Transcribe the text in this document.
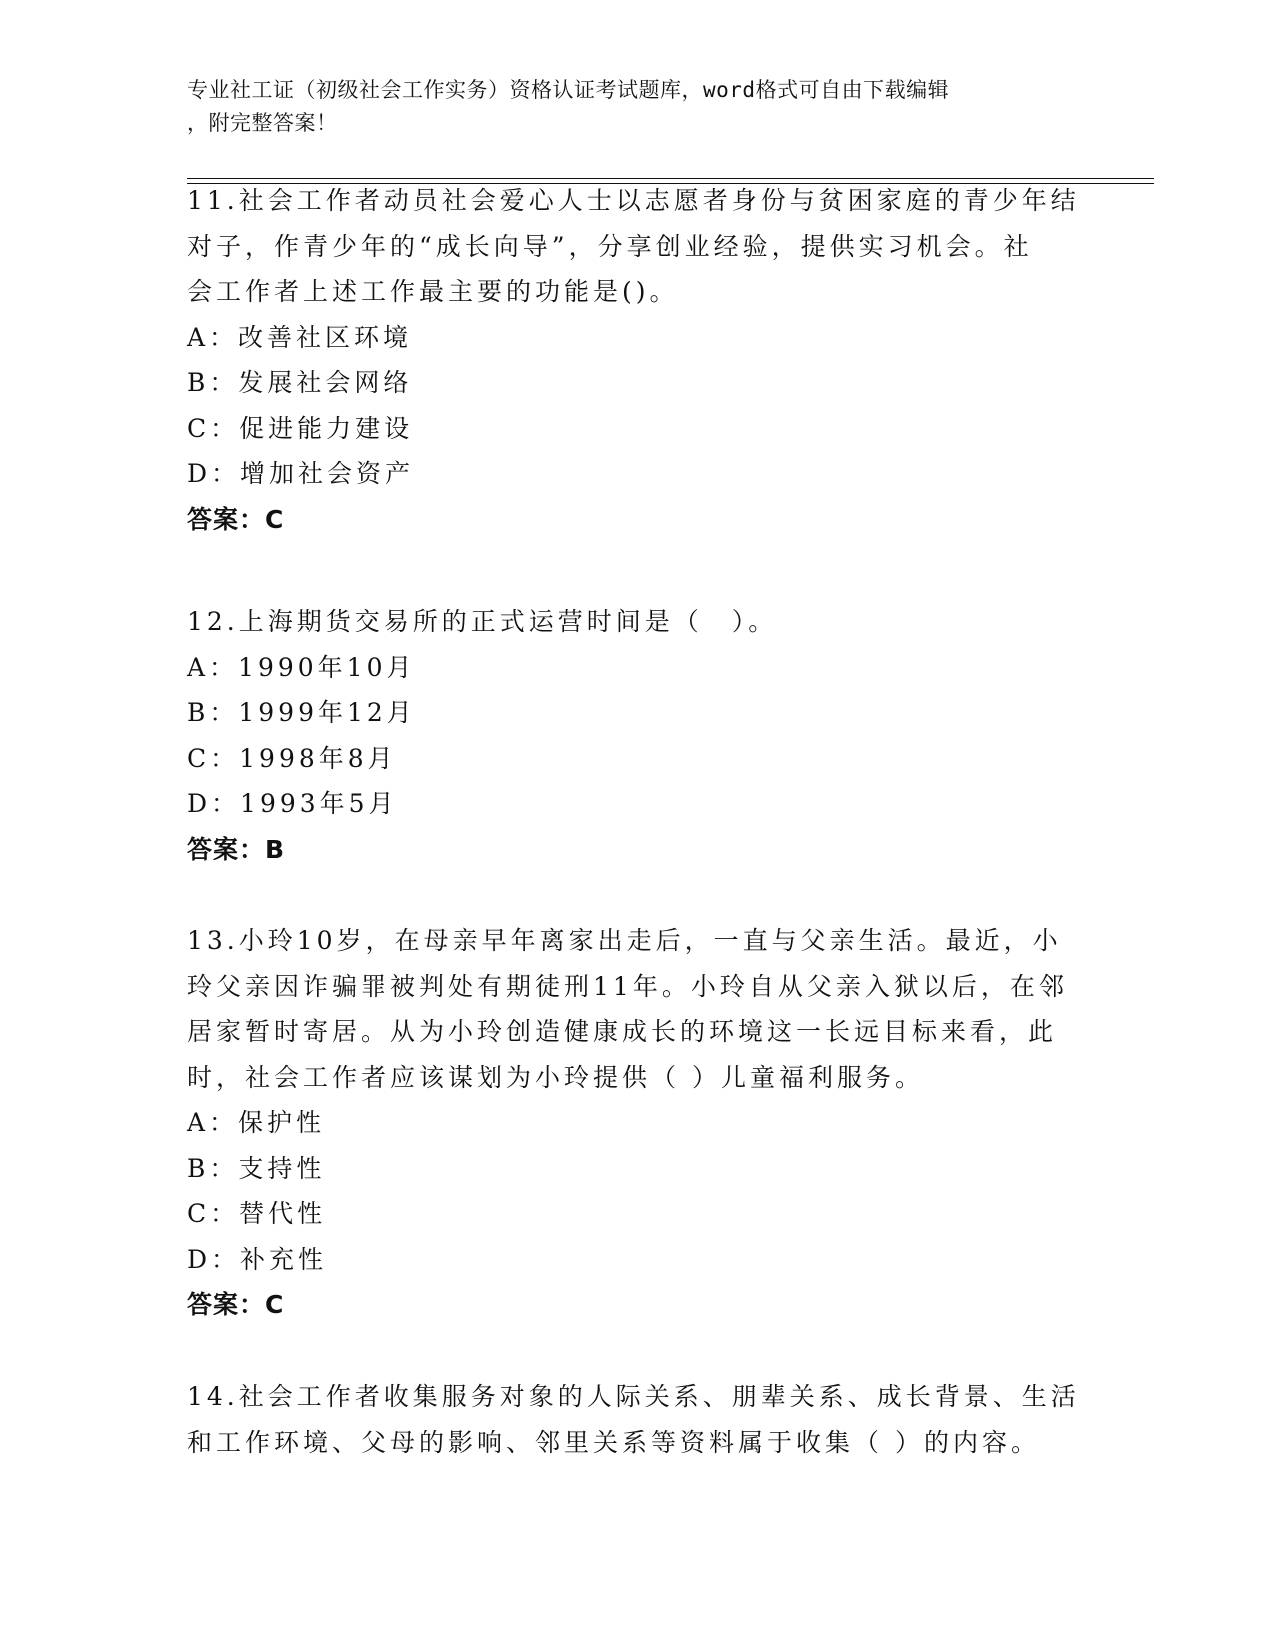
专业社工证（初级社会工作实务）资格认证考试题库，word格式可自由下载编辑
，附完整答案！
11.社会工作者动员社会爱心人士以志愿者身份与贫困家庭的青少年结
对子，作青少年的“成长向导”，分享创业经验，提供实习机会。社
会工作者上述工作最主要的功能是()。
A：改善社区环境
B：发展社会网络
C：促进能力建设
D：增加社会资产
答案：C
12.上海期货交易所的正式运营时间是（　）。
A：1990年10月
B：1999年12月
C：1998年8月
D：1993年5月
答案：B
13.小玲10岁，在母亲早年离家出走后，一直与父亲生活。最近，小
玲父亲因诈骗罪被判处有期徒刑11年。小玲自从父亲入狱以后，在邻
居家暂时寄居。从为小玲创造健康成长的环境这一长远目标来看，此
时，社会工作者应该谋划为小玲提供（ ）儿童福利服务。
A：保护性
B：支持性
C：替代性
D：补充性
答案：C
14.社会工作者收集服务对象的人际关系、朋辈关系、成长背景、生活
和工作环境、父母的影响、邻里关系等资料属于收集（ ）的内容。
